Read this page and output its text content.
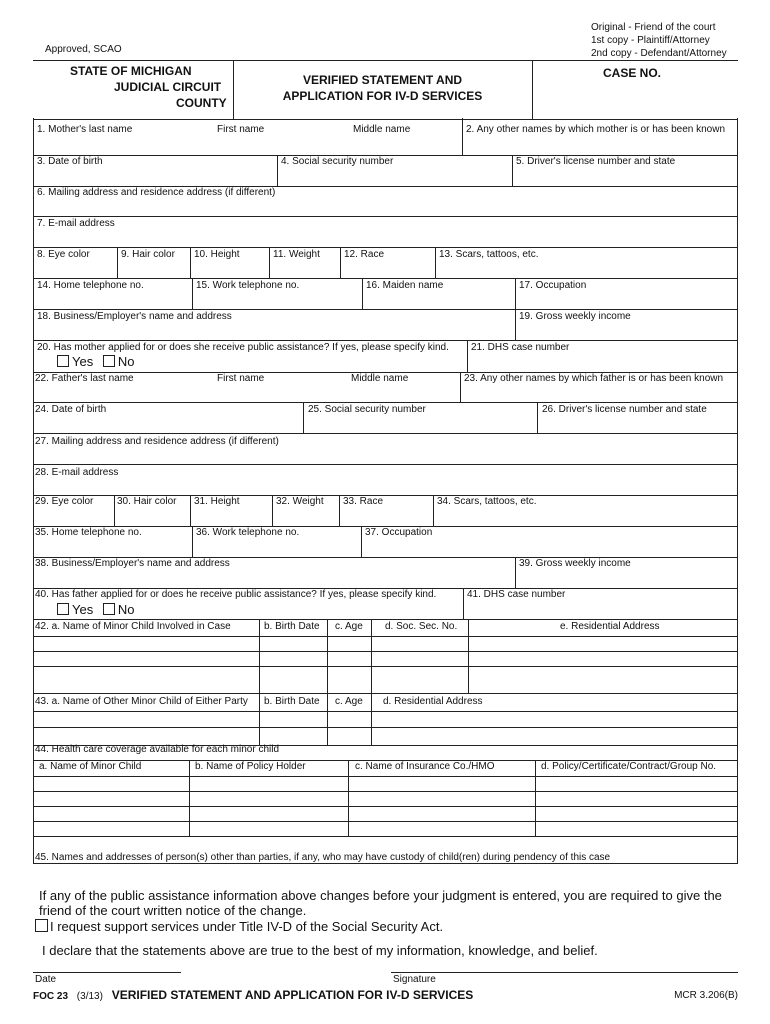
Original - Friend of the court
1st copy - Plaintiff/Attorney
2nd copy - Defendant/Attorney
Approved, SCAO
STATE OF MICHIGAN
JUDICIAL CIRCUIT
COUNTY
VERIFIED STATEMENT AND
APPLICATION FOR IV-D SERVICES
CASE NO.
1. Mother's last name	First name	Middle name	2. Any other names by which mother is or has been known
3. Date of birth	4. Social security number	5. Driver's license number and state
6. Mailing address and residence address (if different)
7. E-mail address
8. Eye color	9. Hair color 10. Height	11. Weight 12. Race	13. Scars, tattoos, etc.
14. Home telephone no.	15. Work telephone no.	16. Maiden name	17. Occupation
18. Business/Employer's name and address	19. Gross weekly income
20. Has mother applied for or does she receive public assistance? If yes, please specify kind. 21. DHS case number
Yes No
22. Father's last name	First name	Middle name	23. Any other names by which father is or has been known
24. Date of birth	25. Social security number	26. Driver's license number and state
27. Mailing address and residence address (if different)
28. E-mail address
29. Eye color 30. Hair color 31. Height	32. Weight 33. Race	34. Scars, tattoos, etc.
35. Home telephone no.	36. Work telephone no.	37. Occupation
38. Business/Employer's name and address	39. Gross weekly income
40. Has father applied for or does he receive public assistance? If yes, please specify kind.	41. DHS case number
Yes No
42. a. Name of Minor Child Involved in Case	b. Birth Date c. Age d. Soc. Sec. No.	e. Residential Address
43. a. Name of Other Minor Child of Either Party b. Birth Date c. Age d. Residential Address
44. Health care coverage available for each minor child
a. Name of Minor Child	b. Name of Policy Holder	c. Name of Insurance Co./HMO	d. Policy/Certificate/Contract/Group No.
45. Names and addresses of person(s) other than parties, if any, who may have custody of child(ren) during pendency of this case
If any of the public assistance information above changes before your judgment is entered, you are required to give the friend of the court written notice of the change.
I request support services under Title IV-D of the Social Security Act.
I declare that the statements above are true to the best of my information, knowledge, and belief.
Date	Signature
FOC 23 (3/13) VERIFIED STATEMENT AND APPLICATION FOR IV-D SERVICES	MCR 3.206(B)
